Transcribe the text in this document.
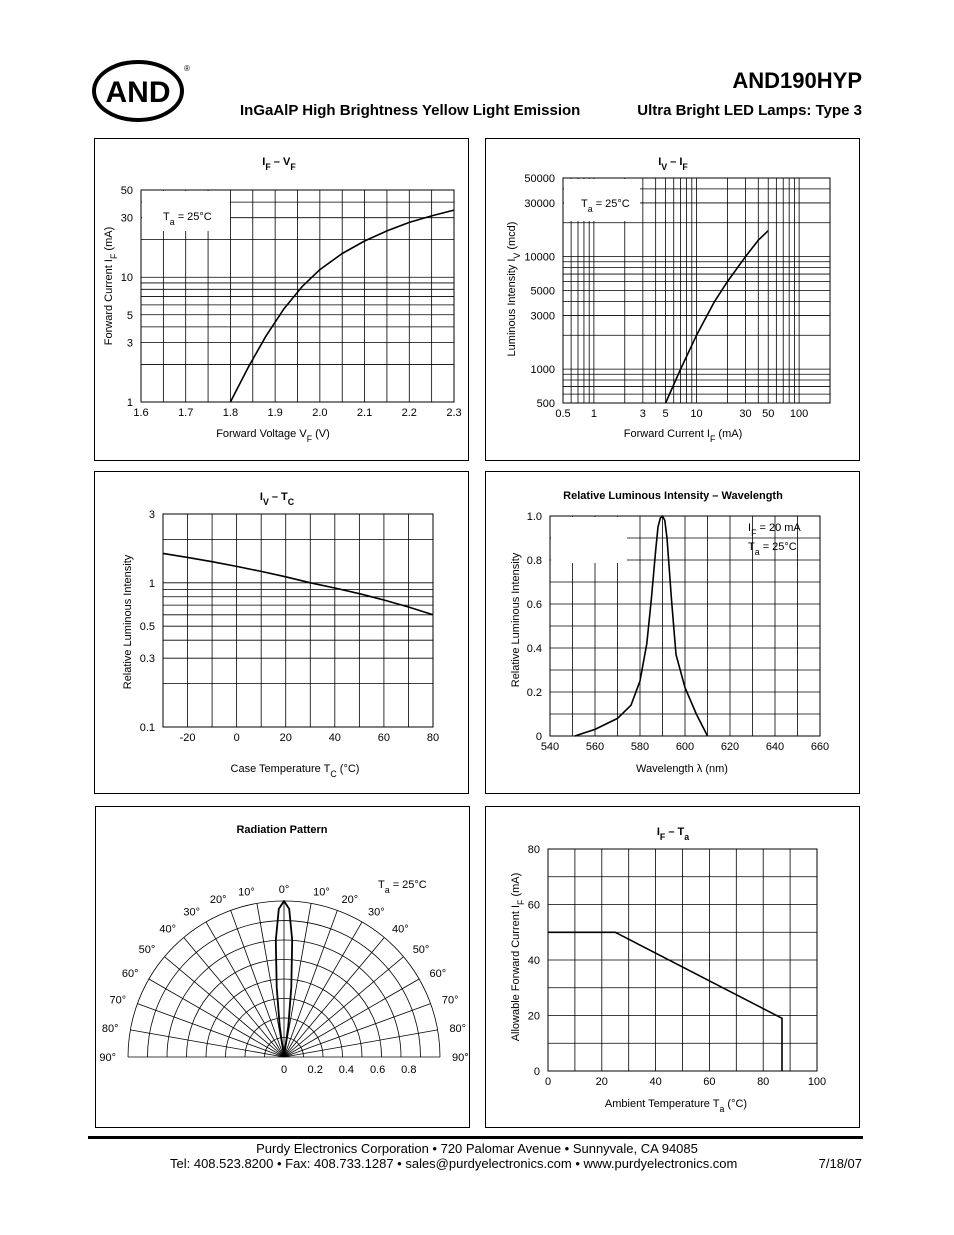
AND
®	AND190HYP
InGaAlP High Brightness Yellow Light Emission	Ultra Bright LED Lamps: Type 3
1.6	1.7	1.8	1.9	2.0	2.1	2.2	2.3
1
3
5
10
30
50
$I_F - V_F$
$T_a = 25^\circ C$
Forward Voltage $V_F$ (V)
Forward Current $I_F$ (mA)
0.5 1	3 5 10	30 50 100
500
1000
3000
5000
10000
30000
50000
$I_V - I_F$
$T_a = 25^\circ C$
Forward Current $I_F$ (mA)
Luminous Intensity $I_V$ (mcd)
-20	0	20	40	60	80
0.1
0.3
0.5
1
3
$I_V - T_C$
Case Temperature $T_C$ (°C)
Relative Luminous Intensity
540 560 580 600 620 640 660
0
0.2
0.4
0.6
0.8
1.0
Relative Luminous Intensity – Wavelength
$I_F = 20$ mA
$T_a = 25^\circ C$
Wavelength λ (nm)
Relative Luminous Intensity
Radiation Pattern
90°
80°
70°
60°
50°
40°
30°
20°
10°	10°
20°
30°
40°
50°
60°
70°
80°
90°
0°
0 0.2 0.4 0.6 0.8
$T_a = 25^\circ C$
0	20	40	60	80	100
0
20
40
60
80
$I_F - T_a$
Ambient Temperature $T_a$ (°C)
Allowable Forward Current $I_F$ (mA)
Purdy Electronics Corporation • 720 Palomar Avenue • Sunnyvale, CA 94085
Tel: 408.523.8200 • Fax: 408.733.1287 • sales@purdyelectronics.com • www.purdyelectronics.com	7/18/07
